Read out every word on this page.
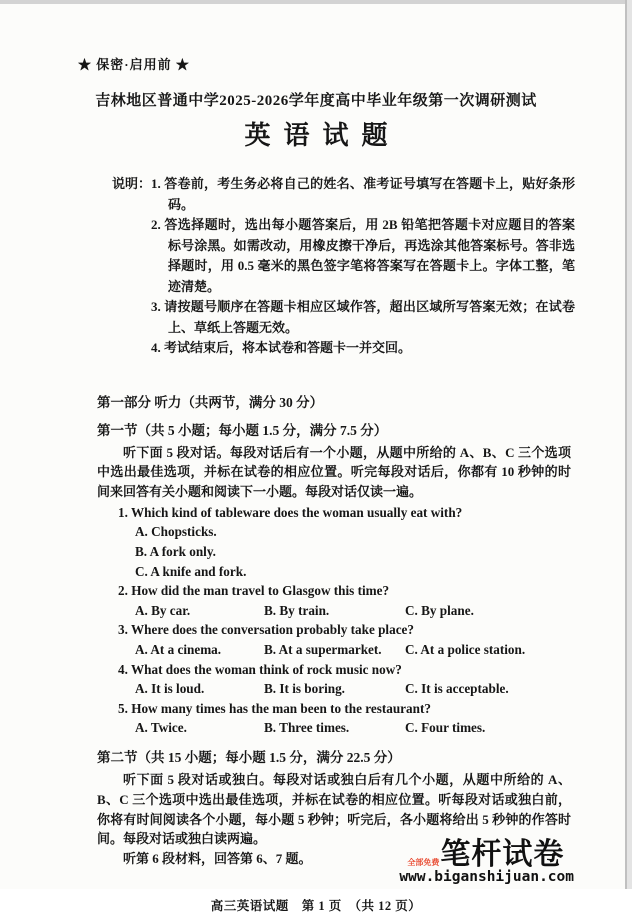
★ 保密·启用前 ★
吉林地区普通中学2025-2026学年度高中毕业年级第一次调研测试
英语试题
说明： 1. 答卷前，考生务必将自己的姓名、准考证号填写在答题卡上，贴好条形码。
2. 答选择题时，选出每小题答案后，用 2B 铅笔把答题卡对应题目的答案标号涂黑。如需改动，用橡皮擦干净后，再选涂其他答案标号。答非选择题时，用 0.5 毫米的黑色签字笔将答案写在答题卡上。字体工整，笔迹清楚。
3. 请按题号顺序在答题卡相应区域作答，超出区域所写答案无效；在试卷上、草纸上答题无效。
4. 考试结束后，将本试卷和答题卡一并交回。
第一部分 听力（共两节，满分 30 分）
第一节（共 5 小题；每小题 1.5 分，满分 7.5 分）
听下面 5 段对话。每段对话后有一个小题，从题中所给的 A、B、C 三个选项中选出最佳选项，并标在试卷的相应位置。听完每段对话后，你都有 10 秒钟的时间来回答有关小题和阅读下一小题。每段对话仅读一遍。
1. Which kind of tableware does the woman usually eat with?
A. Chopsticks.
B. A fork only.
C. A knife and fork.
2. How did the man travel to Glasgow this time?
A. By car.	B. By train.	C. By plane.
3. Where does the conversation probably take place?
A. At a cinema.	B. At a supermarket.	C. At a police station.
4. What does the woman think of rock music now?
A. It is loud.	B. It is boring.	C. It is acceptable.
5. How many times has the man been to the restaurant?
A. Twice.	B. Three times.	C. Four times.
第二节（共 15 小题；每小题 1.5 分，满分 22.5 分）
听下面 5 段对话或独白。每段对话或独白后有几个小题，从题中所给的 A、B、C 三个选项中选出最佳选项，并标在试卷的相应位置。听每段对话或独白前，你将有时间阅读各个小题，每小题 5 秒钟；听完后，各小题将给出 5 秒钟的作答时间。每段对话或独白读两遍。
听第 6 段材料，回答第 6、7 题。
高三英语试题　第 1 页　（共 12 页）
全部免费 笔杆试卷
www.biganshijuan.com
